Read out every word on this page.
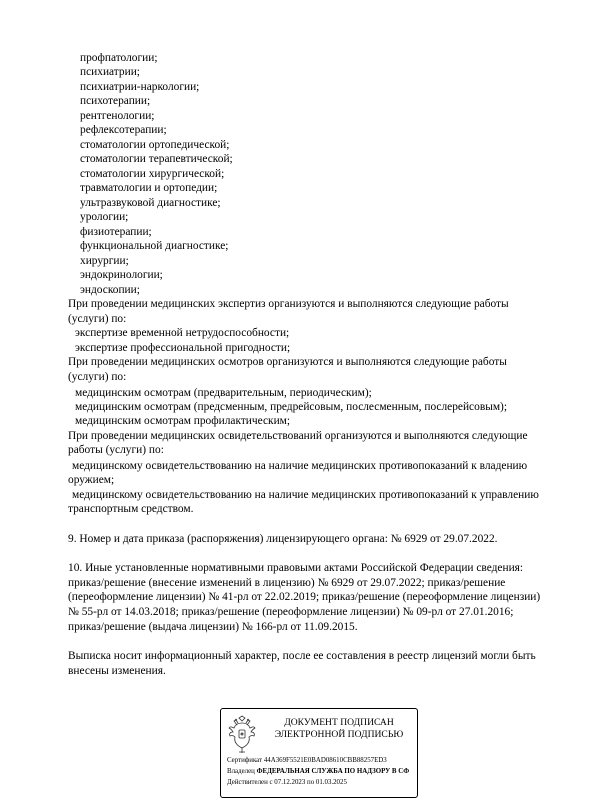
профпатологии;
психиатрии;
психиатрии-наркологии;
психотерапии;
рентгенологии;
рефлексотерапии;
стоматологии ортопедической;
стоматологии терапевтической;
стоматологии хирургической;
травматологии и ортопедии;
ультразвуковой диагностике;
урологии;
физиотерапии;
функциональной диагностике;
хирургии;
эндокринологии;
эндоскопии;
При проведении медицинских экспертиз организуются и выполняются следующие работы
(услуги) по:
экспертизе временной нетрудоспособности;
экспертизе профессиональной пригодности;
При проведении медицинских осмотров организуются и выполняются следующие работы
(услуги) по:
медицинским осмотрам (предварительным, периодическим);
медицинским осмотрам (предсменным, предрейсовым, послесменным, послерейсовым);
медицинским осмотрам профилактическим;
При проведении медицинских освидетельствований организуются и выполняются следующие
работы (услуги) по:
медицинскому освидетельствованию на наличие медицинских противопоказаний к владению
оружием;
медицинскому освидетельствованию на наличие медицинских противопоказаний к управлению
транспортным средством.
9. Номер и дата приказа (распоряжения) лицензирующего органа: № 6929 от 29.07.2022.
10. Иные установленные нормативными правовыми актами Российской Федерации сведения:
приказ/решение (внесение изменений в лицензию) № 6929 от 29.07.2022; приказ/решение
(переоформление лицензии) № 41-рл от 22.02.2019; приказ/решение (переоформление лицензии)
№ 55-рл от 14.03.2018; приказ/решение (переоформление лицензии) № 09-рл от 27.01.2016;
приказ/решение (выдача лицензии) № 166-рл от 11.09.2015.
Выписка носит информационный характер, после ее составления в реестр лицензий могли быть
внесены изменения.
ДОКУМЕНТ ПОДПИСАН
ЭЛЕКТРОННОЙ ПОДПИСЬЮ
Сертификат 44A369F5521E0BAD08610CBB88257ED3
Владелец ФЕДЕРАЛЬНАЯ СЛУЖБА ПО НАДЗОРУ В СФ
Действителен с 07.12.2023 по 01.03.2025
